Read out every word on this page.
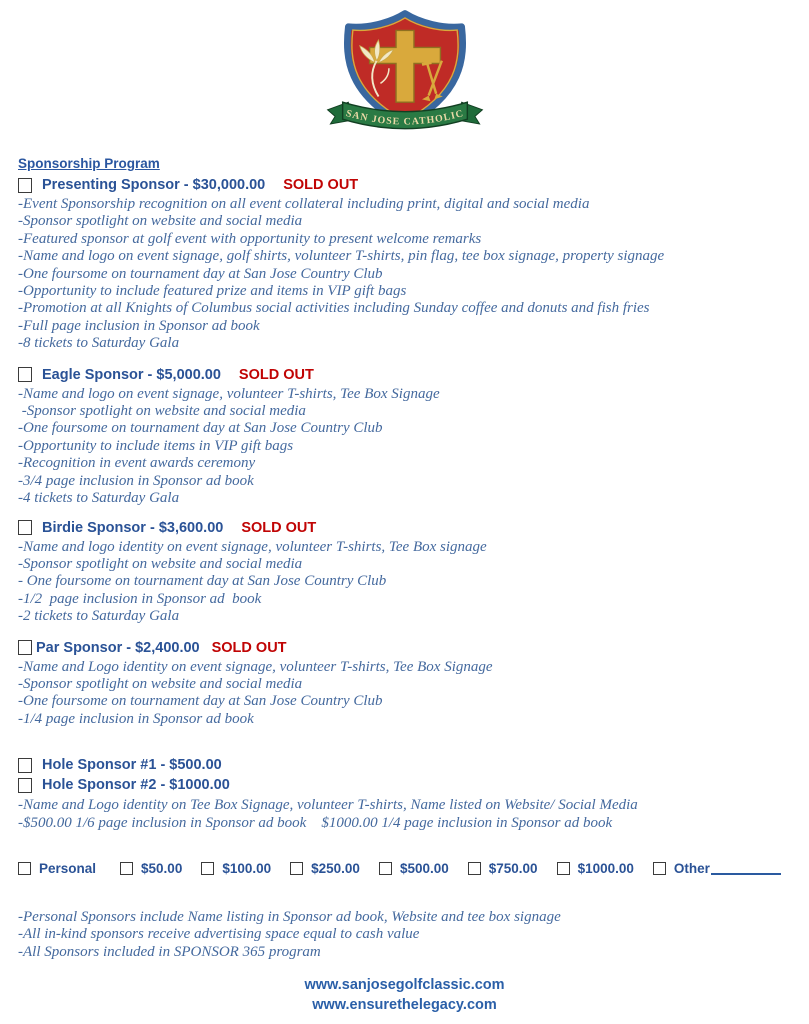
SAN JOSE CATHOLIC
Sponsorship Program
Presenting Sponsor - $30,000.00 SOLD OUT
-Event Sponsorship recognition on all event collateral including print, digital and social media
-Sponsor spotlight on website and social media
-Featured sponsor at golf event with opportunity to present welcome remarks
-Name and logo on event signage, golf shirts, volunteer T-shirts, pin flag, tee box signage, property signage
-One foursome on tournament day at San Jose Country Club
-Opportunity to include featured prize and items in VIP gift bags
-Promotion at all Knights of Columbus social activities including Sunday coffee and donuts and fish fries
-Full page inclusion in Sponsor ad book
-8 tickets to Saturday Gala
Eagle Sponsor - $5,000.00 SOLD OUT
-Name and logo on event signage, volunteer T-shirts, Tee Box Signage
-Sponsor spotlight on website and social media
-One foursome on tournament day at San Jose Country Club
-Opportunity to include items in VIP gift bags
-Recognition in event awards ceremony
-3/4 page inclusion in Sponsor ad book
-4 tickets to Saturday Gala
Birdie Sponsor - $3,600.00 SOLD OUT
-Name and logo identity on event signage, volunteer T-shirts, Tee Box signage
-Sponsor spotlight on website and social media
- One foursome on tournament day at San Jose Country Club
-1/2  page inclusion in Sponsor ad  book
-2 tickets to Saturday Gala
Par Sponsor - $2,400.00 SOLD OUT
-Name and Logo identity on event signage, volunteer T-shirts, Tee Box Signage
-Sponsor spotlight on website and social media
-One foursome on tournament day at San Jose Country Club
-1/4 page inclusion in Sponsor ad book
Hole Sponsor #1 - $500.00
Hole Sponsor #2 - $1000.00
-Name and Logo identity on Tee Box Signage, volunteer T-shirts, Name listed on Website/ Social Media
-$500.00 1/6 page inclusion in Sponsor ad book    $1000.00 1/4 page inclusion in Sponsor ad book
Personal	$50.00	$100.00	$250.00	$500.00	$750.00	$1000.00	Other
-Personal Sponsors include Name listing in Sponsor ad book, Website and tee box signage
-All in-kind sponsors receive advertising space equal to cash value
-All Sponsors included in SPONSOR 365 program
www.sanjosegolfclassic.com
www.ensurethelegacy.com
